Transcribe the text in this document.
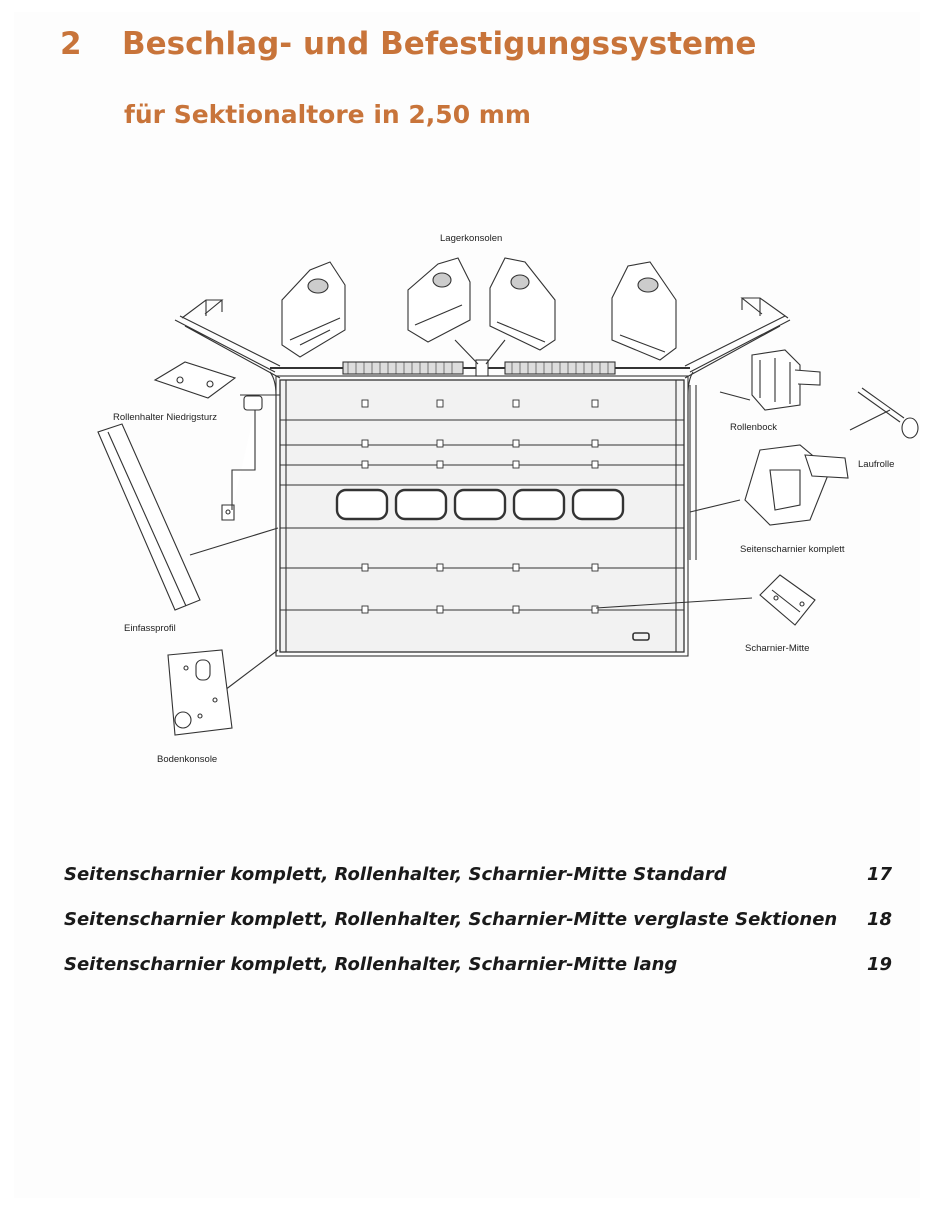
2 Beschlag- und Befestigungssysteme
für Sektionaltore in 2,50 mm
Lagerkonsolen
Rollenhalter Niedrigsturz
Rollenbock
Laufrolle
Seitenscharnier komplett
Einfassprofil
Scharnier-Mitte
Bodenkonsole
Seitenscharnier komplett, Rollenhalter, Scharnier-Mitte Standard	17
Seitenscharnier komplett, Rollenhalter, Scharnier-Mitte verglaste Sektionen 18
Seitenscharnier komplett, Rollenhalter, Scharnier-Mitte lang	19
